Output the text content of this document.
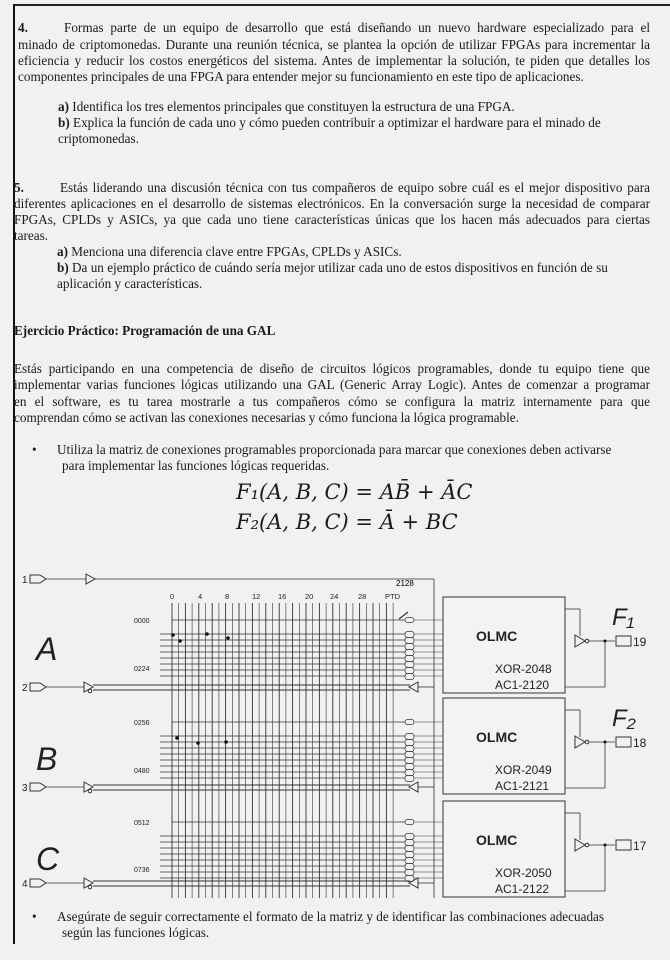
4.	Formas parte de un equipo de desarrollo que está diseñando un nuevo hardware especializado para el
minado de criptomonedas. Durante una reunión técnica, se plantea la opción de utilizar FPGAs para incrementar la
eficiencia y reducir los costos energéticos del sistema. Antes de implementar la solución, te piden que detalles los
componentes principales de una FPGA para entender mejor su funcionamiento en este tipo de aplicaciones.
a) Identifica los tres elementos principales que constituyen la estructura de una FPGA.
b) Explica la función de cada uno y cómo pueden contribuir a optimizar el hardware para el minado de
criptomonedas.
5.	Estás liderando una discusión técnica con tus compañeros de equipo sobre cuál es el mejor dispositivo para
diferentes aplicaciones en el desarrollo de sistemas electrónicos. En la conversación surge la necesidad de comparar
FPGAs, CPLDs y ASICs, ya que cada uno tiene características únicas que los hacen más adecuados para ciertas
tareas.
a) Menciona una diferencia clave entre FPGAs, CPLDs y ASICs.
b) Da un ejemplo práctico de cuándo sería mejor utilizar cada uno de estos dispositivos en función de su
aplicación y características.
Ejercicio Práctico: Programación de una GAL
Estás participando en una competencia de diseño de circuitos lógicos programables, donde tu equipo tiene que
implementar varias funciones lógicas utilizando una GAL (Generic Array Logic). Antes de comenzar a programar
en el software, es tu tarea mostrarle a tus compañeros cómo se configura la matriz internamente para que
comprendan cómo se activan las conexiones necesarias y cómo funciona la lógica programable.
• Utiliza la matriz de conexiones programables proporcionada para marcar que conexiones deben activarse
para implementar las funciones lógicas requeridas.
F₁(A, B, C) = AB̄ + ĀC
F₂(A, B, C) = Ā + BC
2128
0	4	8	12 16 20 24	28 PTD
1
0000
0224
2
OLMC
XOR-2048
AC1-2120
19
F₁
0256
0480
3
OLMC
XOR-2049
AC1-2121
18
F₂
0512
0736
4
OLMC
XOR-2050
AC1-2122
17
A
B
C
• Asegúrate de seguir correctamente el formato de la matriz y de identificar las combinaciones adecuadas
según las funciones lógicas.
